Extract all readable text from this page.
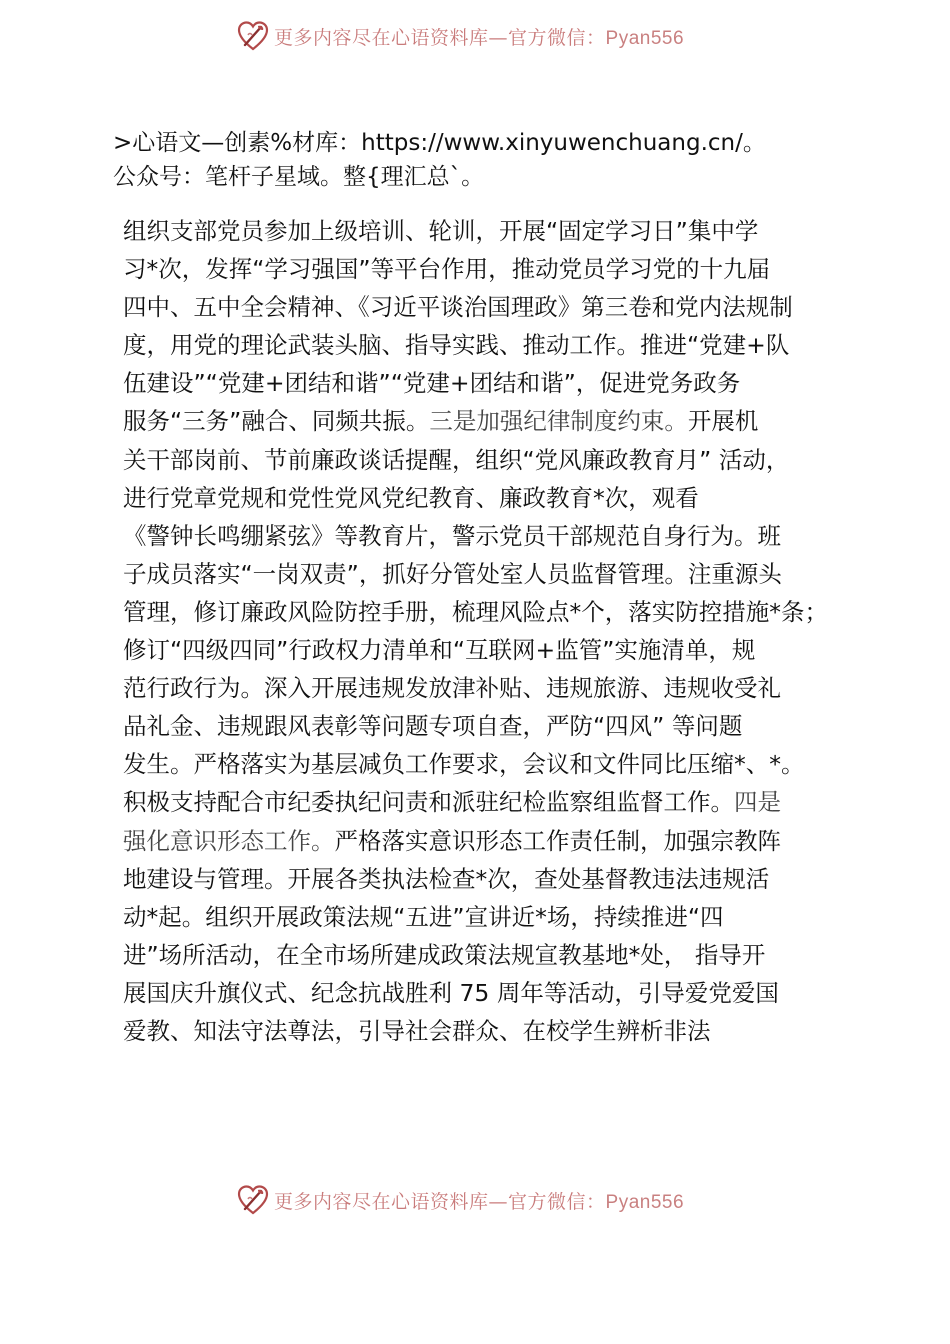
更多内容尽在心语资料库—官方微信：Pyan556
>心语文—创素%材库：https://www.xinyuwenchuang.cn/。
公众号：笔杆子星域。整{理汇总`。
组织支部党员参加上级培训、轮训，开展“固定学习日”集中学
习*次，发挥“学习强国”等平台作用，推动党员学习党的十九届
四中、五中全会精神、《习近平谈治国理政》第三卷和党内法规制
度，用党的理论武装头脑、指导实践、推动工作。推进“党建+队
伍建设”“党建+团结和谐”“党建+团结和谐”，促进党务政务
服务“三务”融合、同频共振。三是加强纪律制度约束。开展机
关干部岗前、节前廉政谈话提醒，组织“党风廉政教育月” 活动，
进行党章党规和党性党风党纪教育、廉政教育*次，观看
《警钟长鸣绷紧弦》等教育片，警示党员干部规范自身行为。班
子成员落实“一岗双责”，抓好分管处室人员监督管理。注重源头
管理，修订廉政风险防控手册，梳理风险点*个，落实防控措施*条；
修订“四级四同”行政权力清单和“互联网+监管”实施清单，规
范行政行为。深入开展违规发放津补贴、违规旅游、违规收受礼
品礼金、违规跟风表彰等问题专项自查，严防“四风” 等问题
发生。严格落实为基层减负工作要求，会议和文件同比压缩*、*。
积极支持配合市纪委执纪问责和派驻纪检监察组监督工作。四是
强化意识形态工作。严格落实意识形态工作责任制，加强宗教阵
地建设与管理。开展各类执法检查*次，查处基督教违法违规活
动*起。组织开展政策法规“五进”宣讲近*场，持续推进“四
进”场所活动，在全市场所建成政策法规宣教基地*处， 指导开
展国庆升旗仪式、纪念抗战胜利 75 周年等活动，引导爱党爱国
爱教、知法守法尊法，引导社会群众、在校学生辨析非法
更多内容尽在心语资料库—官方微信：Pyan556
